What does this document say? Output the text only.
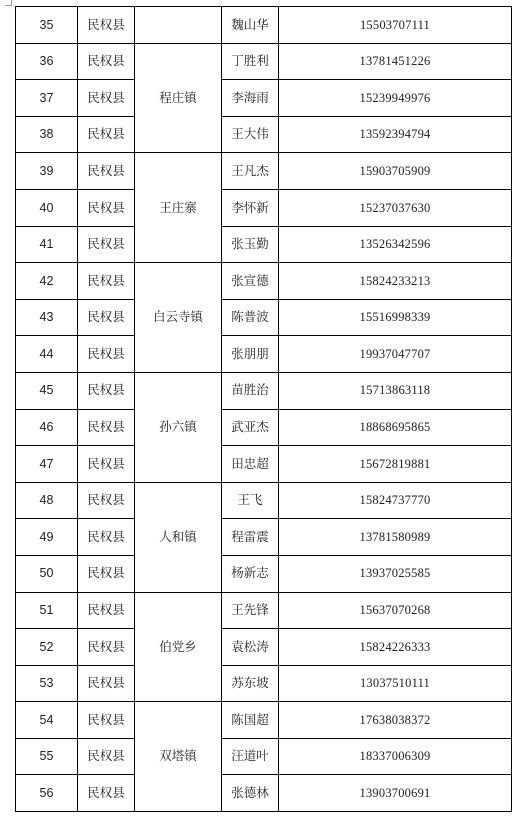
35	民权县		魏山华	15503707111
36	民权县	程庄镇	丁胜利	13781451226
37	民权县		李海雨	15239949976
38	民权县		王大伟	13592394794
39	民权县	王庄寨	王凡杰	15903705909
40	民权县		李怀新	15237037630
41	民权县		张玉勤	13526342596
42	民权县	白云寺镇	张宣德	15824233213
43	民权县		陈普波	15516998339
44	民权县		张朋朋	19937047707
45	民权县	孙六镇	苗胜治	15713863118
46	民权县		武亚杰	18868695865
47	民权县		田忠超	15672819881
48	民权县	人和镇	王飞	15824737770
49	民权县		程雷震	13781580989
50	民权县		杨新志	13937025585
51	民权县	伯党乡	王先锋	15637070268
52	民权县		袁松涛	15824226333
53	民权县		苏东坡	13037510111
54	民权县	双塔镇	陈国超	17638038372
55	民权县		汪道叶	18337006309
56	民权县		张德林	13903700691
